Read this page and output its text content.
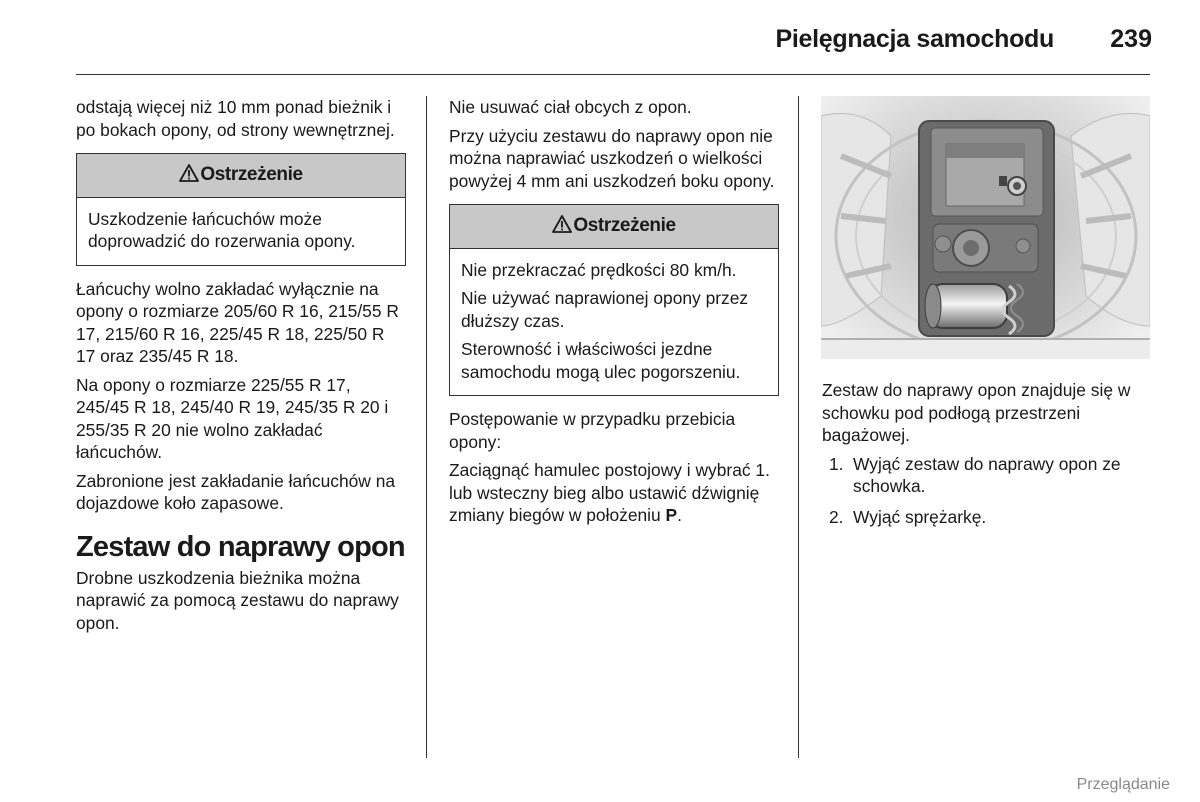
Pielęgnacja samochodu 239

odstają więcej niż 10 mm ponad bieżnik i po bokach opony, od strony wewnętrznej.

Ostrzeżenie

Uszkodzenie łańcuchów może doprowadzić do rozerwania opony.

Łańcuchy wolno zakładać wyłącznie na opony o rozmiarze 205/60 R 16, 215/55 R 17, 215/60 R 16, 225/45 R 18, 225/50 R 17 oraz 235/45 R 18.

Na opony o rozmiarze 225/55 R 17, 245/45 R 18, 245/40 R 19, 245/35 R 20 i 255/35 R 20 nie wolno zakładać łańcuchów.

Zabronione jest zakładanie łańcuchów na dojazdowe koło zapasowe.

Zestaw do naprawy opon

Drobne uszkodzenia bieżnika można naprawić za pomocą zestawu do naprawy opon.

Nie usuwać ciał obcych z opon.

Przy użyciu zestawu do naprawy opon nie można naprawiać uszkodzeń o wielkości powyżej 4 mm ani uszkodzeń boku opony.

Ostrzeżenie

Nie przekraczać prędkości 80 km/h.

Nie używać naprawionej opony przez dłuższy czas.

Sterowność i właściwości jezdne samochodu mogą ulec pogorszeniu.

Postępowanie w przypadku przebicia opony:

Zaciągnąć hamulec postojowy i wybrać 1. lub wsteczny bieg albo ustawić dźwignię zmiany biegów w położeniu P.

Zestaw do naprawy opon znajduje się w schowku pod podłogą przestrzeni bagażowej.

1. Wyjąć zestaw do naprawy opon ze schowka.
2. Wyjąć sprężarkę.
Przeglądanie
